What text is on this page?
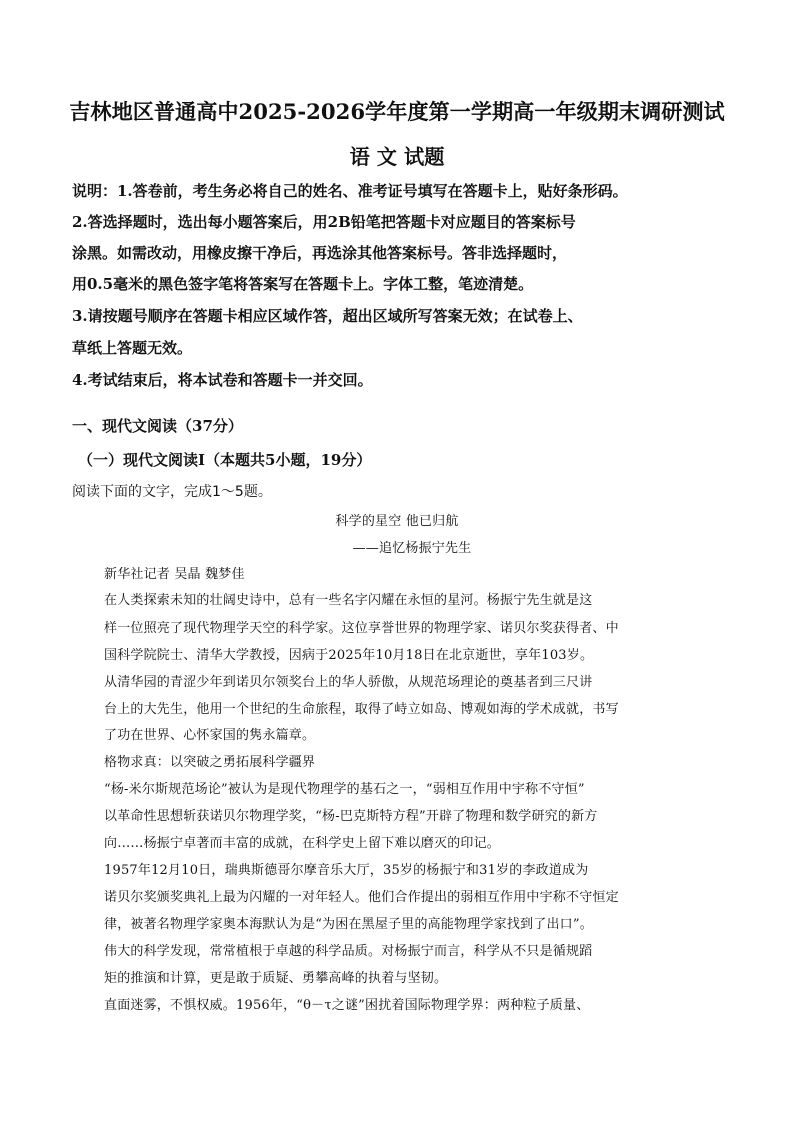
吉林地区普通高中2025-2026学年度第一学期高一年级期末调研测试
语 文 试题
说明：1.答卷前，考生务必将自己的姓名、准考证号填写在答题卡上，贴好条形码。
2.答选择题时，选出每小题答案后，用2B铅笔把答题卡对应题目的答案标号
涂黑。如需改动，用橡皮擦干净后，再选涂其他答案标号。答非选择题时，
用0.5毫米的黑色签字笔将答案写在答题卡上。字体工整，笔迹清楚。
3.请按题号顺序在答题卡相应区域作答，超出区域所写答案无效；在试卷上、
草纸上答题无效。
4.考试结束后，将本试卷和答题卡一并交回。
一、现代文阅读（37分）
（一）现代文阅读Ⅰ（本题共5小题，19分）
阅读下面的文字，完成1～5题。
科学的星空 他已归航
——追忆杨振宁先生
新华社记者 吴晶 魏梦佳
在人类探索未知的壮阔史诗中，总有一些名字闪耀在永恒的星河。杨振宁先生就是这
样一位照亮了现代物理学天空的科学家。这位享誉世界的物理学家、诺贝尔奖获得者、中
国科学院院士、清华大学教授，因病于2025年10月18日在北京逝世，享年103岁。
从清华园的青涩少年到诺贝尔领奖台上的华人骄傲，从规范场理论的奠基者到三尺讲
台上的大先生，他用一个世纪的生命旅程，取得了峙立如岛、博观如海的学术成就，书写
了功在世界、心怀家国的隽永篇章。
格物求真：以突破之勇拓展科学疆界
“杨-米尔斯规范场论”被认为是现代物理学的基石之一，“弱相互作用中宇称不守恒”
以革命性思想斩获诺贝尔物理学奖，“杨-巴克斯特方程”开辟了物理和数学研究的新方
向……杨振宁卓著而丰富的成就，在科学史上留下难以磨灭的印记。
1957年12月10日，瑞典斯德哥尔摩音乐大厅，35岁的杨振宁和31岁的李政道成为
诺贝尔奖颁奖典礼上最为闪耀的一对年轻人。他们合作提出的弱相互作用中宇称不守恒定
律，被著名物理学家奥本海默认为是“为困在黑屋子里的高能物理学家找到了出口”。
伟大的科学发现，常常植根于卓越的科学品质。对杨振宁而言，科学从不只是循规蹈
矩的推演和计算，更是敢于质疑、勇攀高峰的执着与坚韧。
直面迷雾，不惧权威。1956年，“θ－τ之谜”困扰着国际物理学界：两种粒子质量、
